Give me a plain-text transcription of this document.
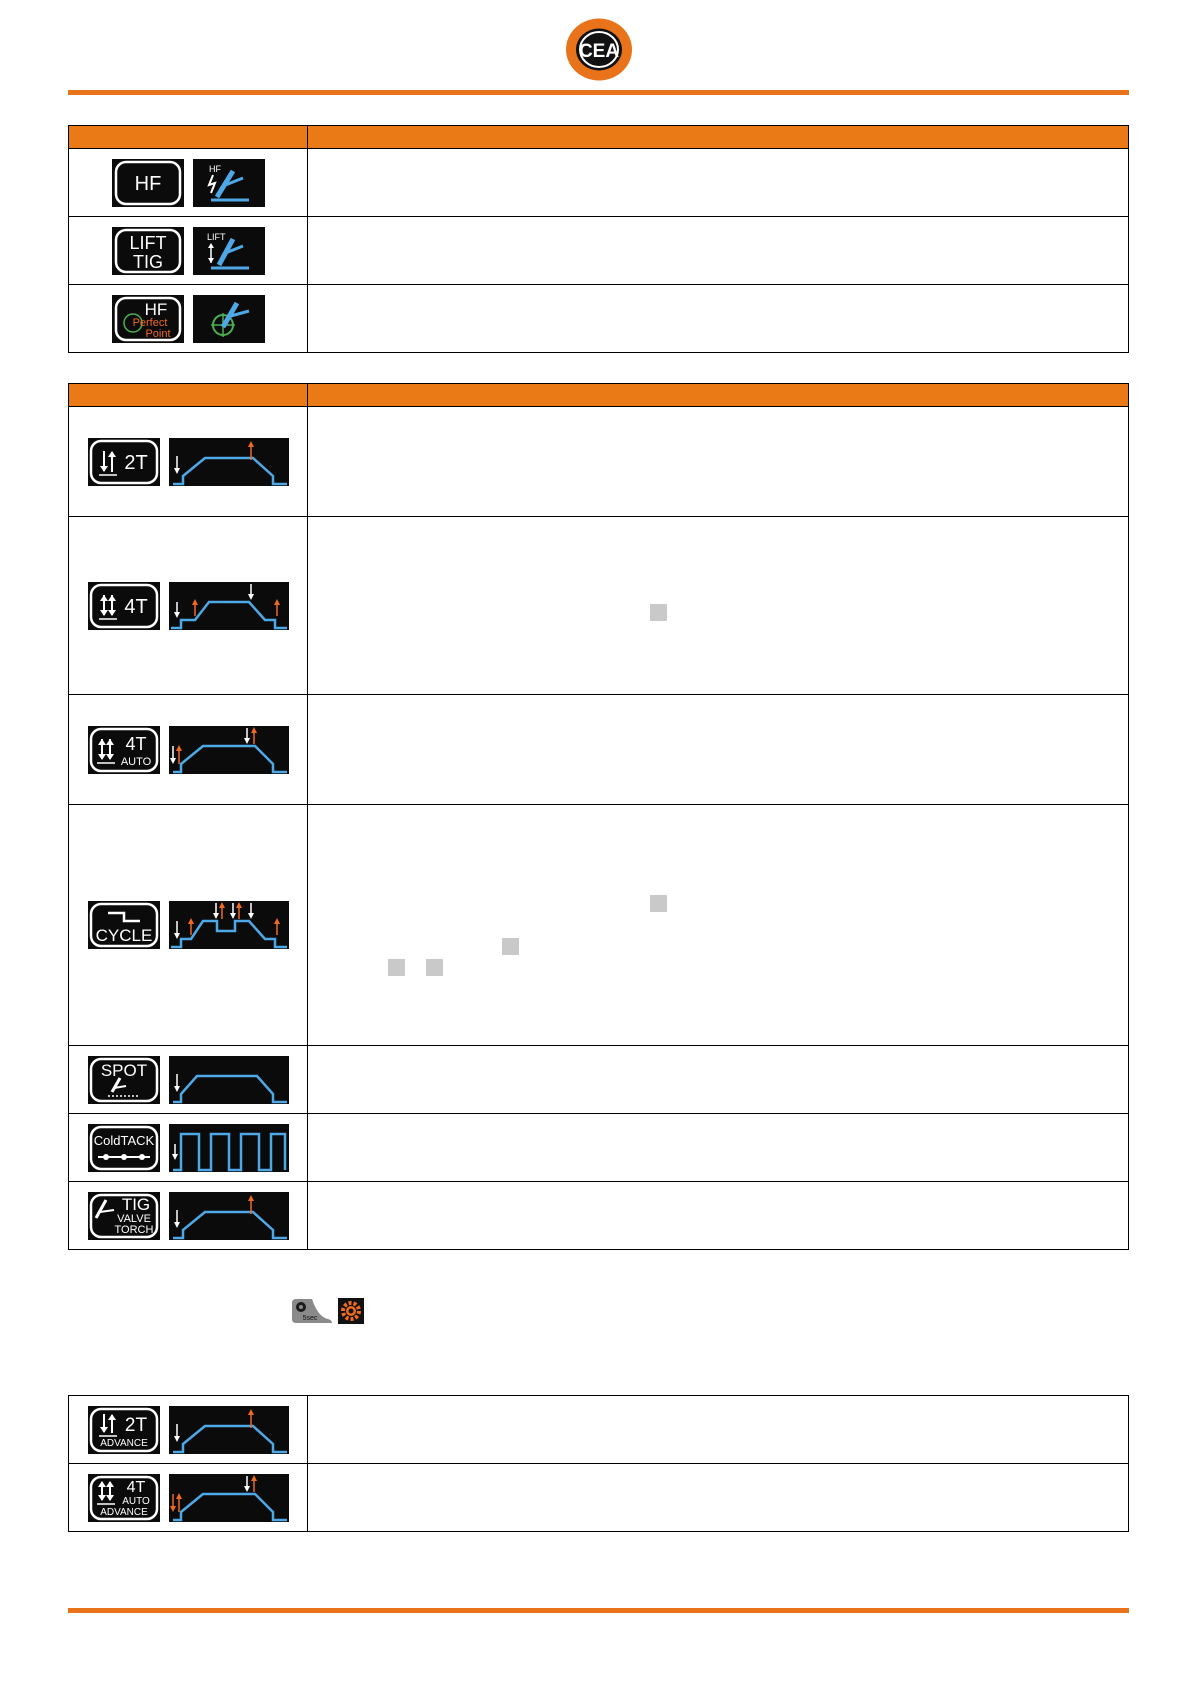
CEA

HF
HF	

LIFT
TIG
LIFT	

HF
Perfect
Point	

2T	

4T	

4T
AUTO	

CYCLE	

SPOT	

ColdTACK	

TIG
VALVE
TORCH	

5sec
2T
ADVANCE	

4T
AUTO
ADVANCE	
